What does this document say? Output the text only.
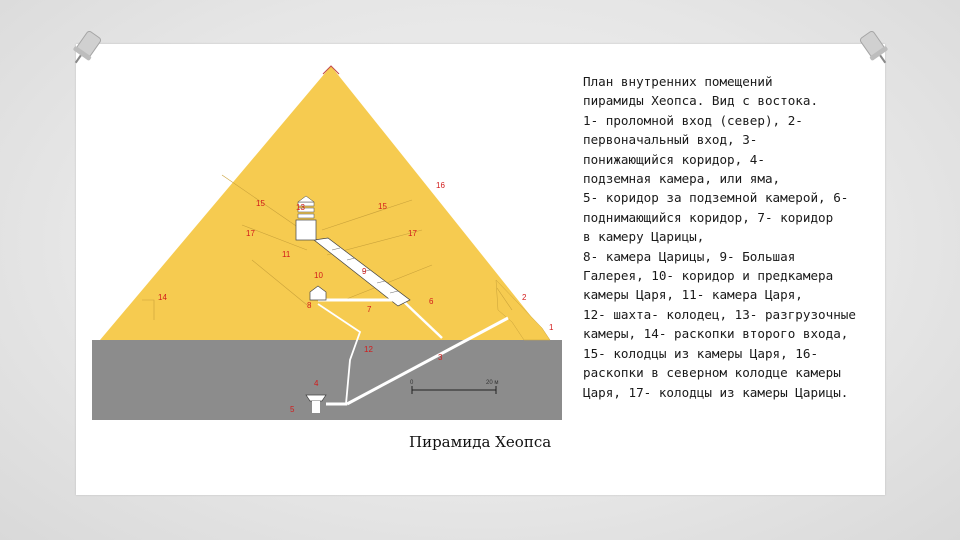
0	20 м
1
2
3
4
5
6
7
8
9
10
11
12
13
14
15	15
16
17	17
План внутренних помещений
пирамиды Хеопса. Вид с востока.
1- проломной вход (север), 2-
первоначальный вход, 3-
понижающийся коридор, 4-
подземная камера, или яма,
5- коридор за подземной камерой, 6-
поднимающийся коридор, 7- коридор
в камеру Царицы,
8- камера Царицы, 9- Большая
Галерея, 10- коридор и предкамера
камеры Царя, 11- камера Царя,
12- шахта- колодец, 13- разгрузочные
камеры, 14- раскопки второго входа,
15- колодцы из камеры Царя, 16-
раскопки в северном колодце камеры
Царя, 17- колодцы из камеры Царицы.
Пирамида Хеопса
